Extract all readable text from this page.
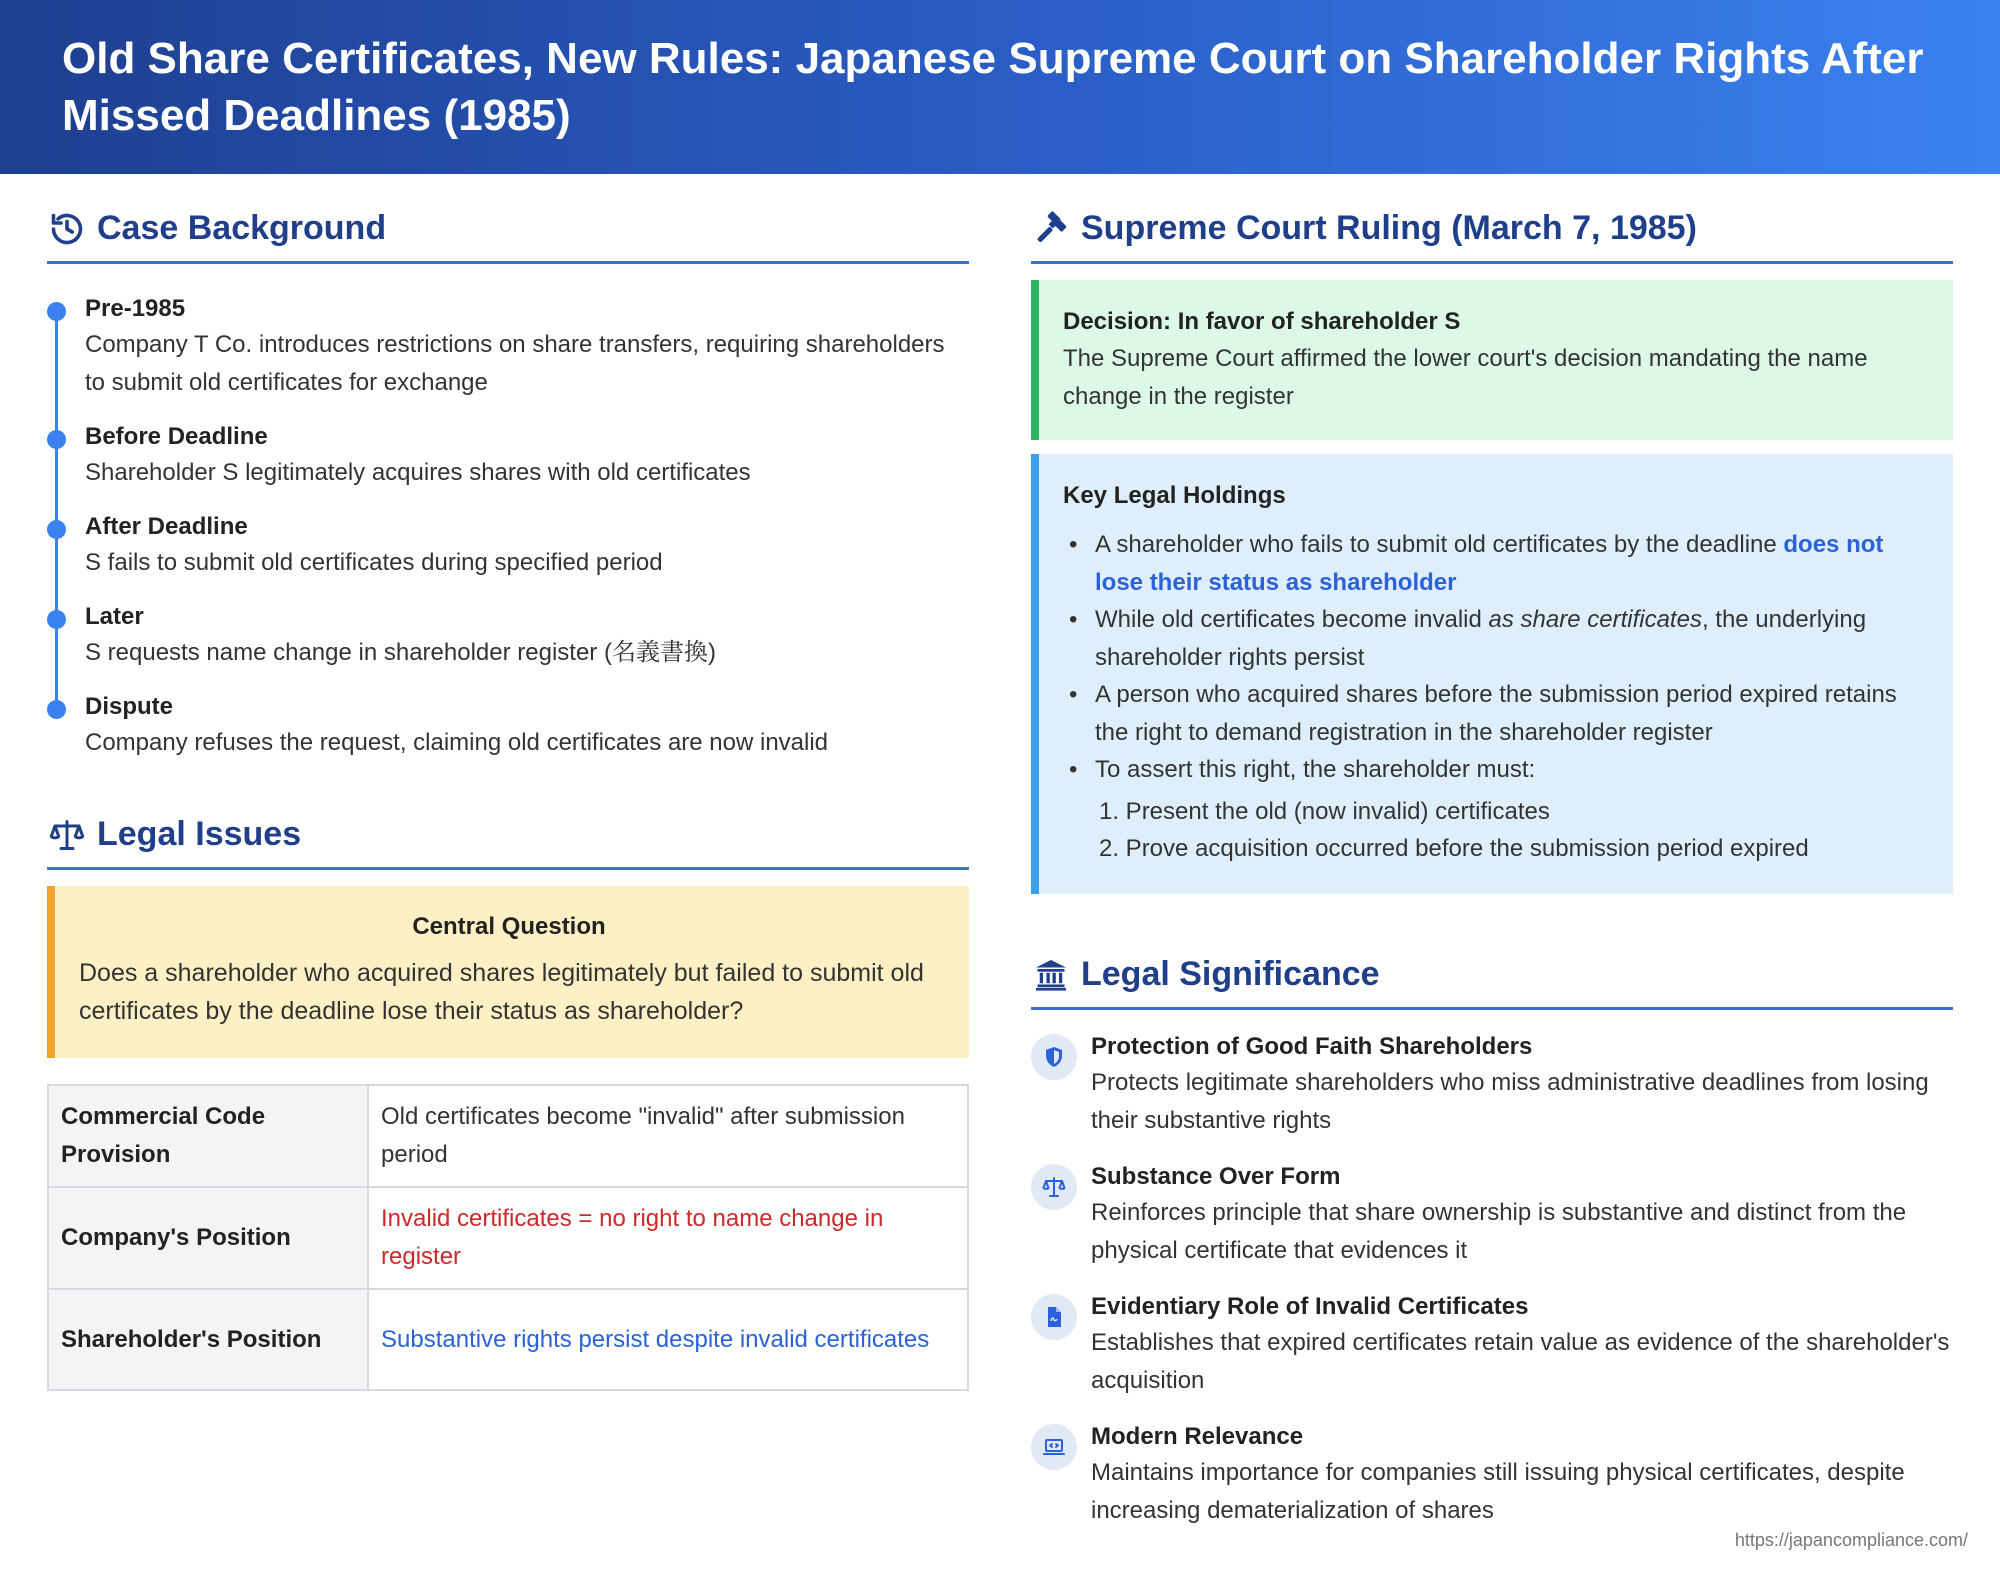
Old Share Certificates, New Rules: Japanese Supreme Court on Shareholder Rights After Missed Deadlines (1985)
Case Background
Pre-1985
Company T Co. introduces restrictions on share transfers, requiring shareholders to submit old certificates for exchange
Before Deadline
Shareholder S legitimately acquires shares with old certificates
After Deadline
S fails to submit old certificates during specified period
Later
S requests name change in shareholder register (名義書換)
Dispute
Company refuses the request, claiming old certificates are now invalid
Legal Issues
Central Question
Does a shareholder who acquired shares legitimately but failed to submit old certificates by the deadline lose their status as shareholder?
Commercial Code Provision	Old certificates become "invalid" after submission period
Company's Position	Invalid certificates = no right to name change in register
Shareholder's Position	Substantive rights persist despite invalid certificates
Supreme Court Ruling (March 7, 1985)
Decision: In favor of shareholder S
The Supreme Court affirmed the lower court's decision mandating the name change in the register
Key Legal Holdings
• A shareholder who fails to submit old certificates by the deadline does not lose their status as shareholder
• While old certificates become invalid as share certificates, the underlying shareholder rights persist
• A person who acquired shares before the submission period expired retains the right to demand registration in the shareholder register
• To assert this right, the shareholder must:
1. Present the old (now invalid) certificates
2. Prove acquisition occurred before the submission period expired
Legal Significance
Protection of Good Faith Shareholders
Protects legitimate shareholders who miss administrative deadlines from losing their substantive rights
Substance Over Form
Reinforces principle that share ownership is substantive and distinct from the physical certificate that evidences it
Evidentiary Role of Invalid Certificates
Establishes that expired certificates retain value as evidence of the shareholder's acquisition
Modern Relevance
Maintains importance for companies still issuing physical certificates, despite increasing dematerialization of shares
https://japancompliance.com/
